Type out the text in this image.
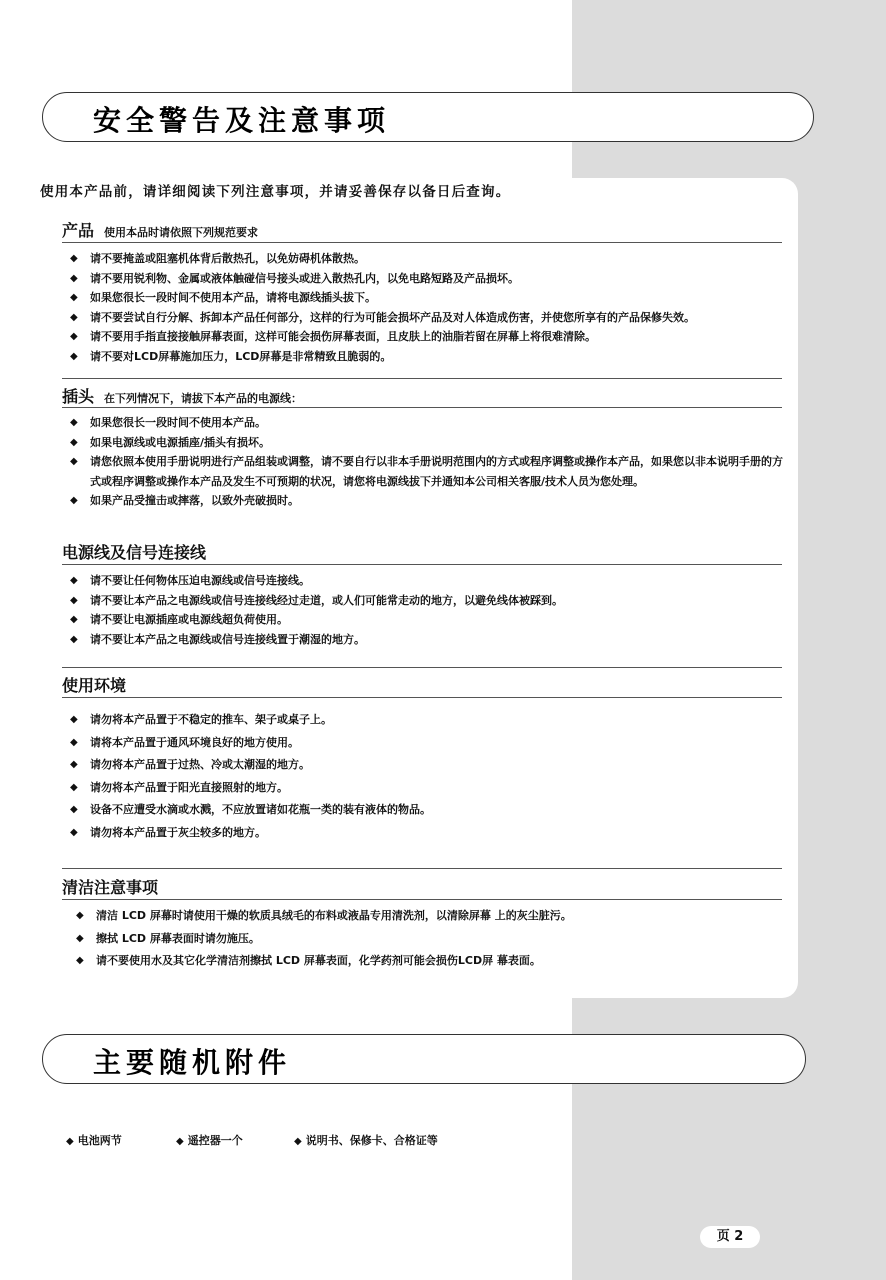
安全警告及注意事项
使用本产品前，请详细阅读下列注意事项，并请妥善保存以备日后查询。
产品 使用本品时请依照下列规范要求
◆ 请不要掩盖或阻塞机体背后散热孔，以免妨碍机体散热。
◆ 请不要用锐利物、金属或液体触碰信号接头或进入散热孔内，以免电路短路及产品损坏。
◆ 如果您很长一段时间不使用本产品，请将电源线插头拔下。
◆ 请不要尝试自行分解、拆卸本产品任何部分，这样的行为可能会损坏产品及对人体造成伤害，并使您所享有的产品保修失效。
◆ 请不要用手指直接接触屏幕表面，这样可能会损伤屏幕表面，且皮肤上的油脂若留在屏幕上将很难清除。
◆ 请不要对LCD屏幕施加压力，LCD屏幕是非常精致且脆弱的。
插头 在下列情况下，请拔下本产品的电源线：
◆ 如果您很长一段时间不使用本产品。
◆ 如果电源线或电源插座/插头有损坏。
◆ 请您依照本使用手册说明进行产品组装或调整，请不要自行以非本手册说明范围内的方式或程序调整或操作本产品，如果您以非本说明手册的方式或程序调整或操作本产品及发生不可预期的状况，请您将电源线拔下并通知本公司相关客服/技术人员为您处理。
◆ 如果产品受撞击或摔落，以致外壳破损时。
电源线及信号连接线
◆ 请不要让任何物体压迫电源线或信号连接线。
◆ 请不要让本产品之电源线或信号连接线经过走道，或人们可能常走动的地方，以避免线体被踩到。
◆ 请不要让电源插座或电源线超负荷使用。
◆ 请不要让本产品之电源线或信号连接线置于潮湿的地方。
使用环境
◆ 请勿将本产品置于不稳定的推车、架子或桌子上。
◆ 请将本产品置于通风环境良好的地方使用。
◆ 请勿将本产品置于过热、冷或太潮湿的地方。
◆ 请勿将本产品置于阳光直接照射的地方。
◆ 设备不应遭受水滴或水溅，不应放置诸如花瓶一类的装有液体的物品。
◆ 请勿将本产品置于灰尘较多的地方。
清洁注意事项
◆ 清洁 LCD 屏幕时请使用干燥的软质具绒毛的布料或液晶专用清洗剂，以清除屏幕 上的灰尘脏污。
◆ 擦拭 LCD 屏幕表面时请勿施压。
◆ 请不要使用水及其它化学清洁剂擦拭 LCD 屏幕表面，化学药剂可能会损伤LCD屏 幕表面。
主要随机附件
◆ 电池两节	◆ 遥控器一个	◆ 说明书、保修卡、合格证等
页 2
